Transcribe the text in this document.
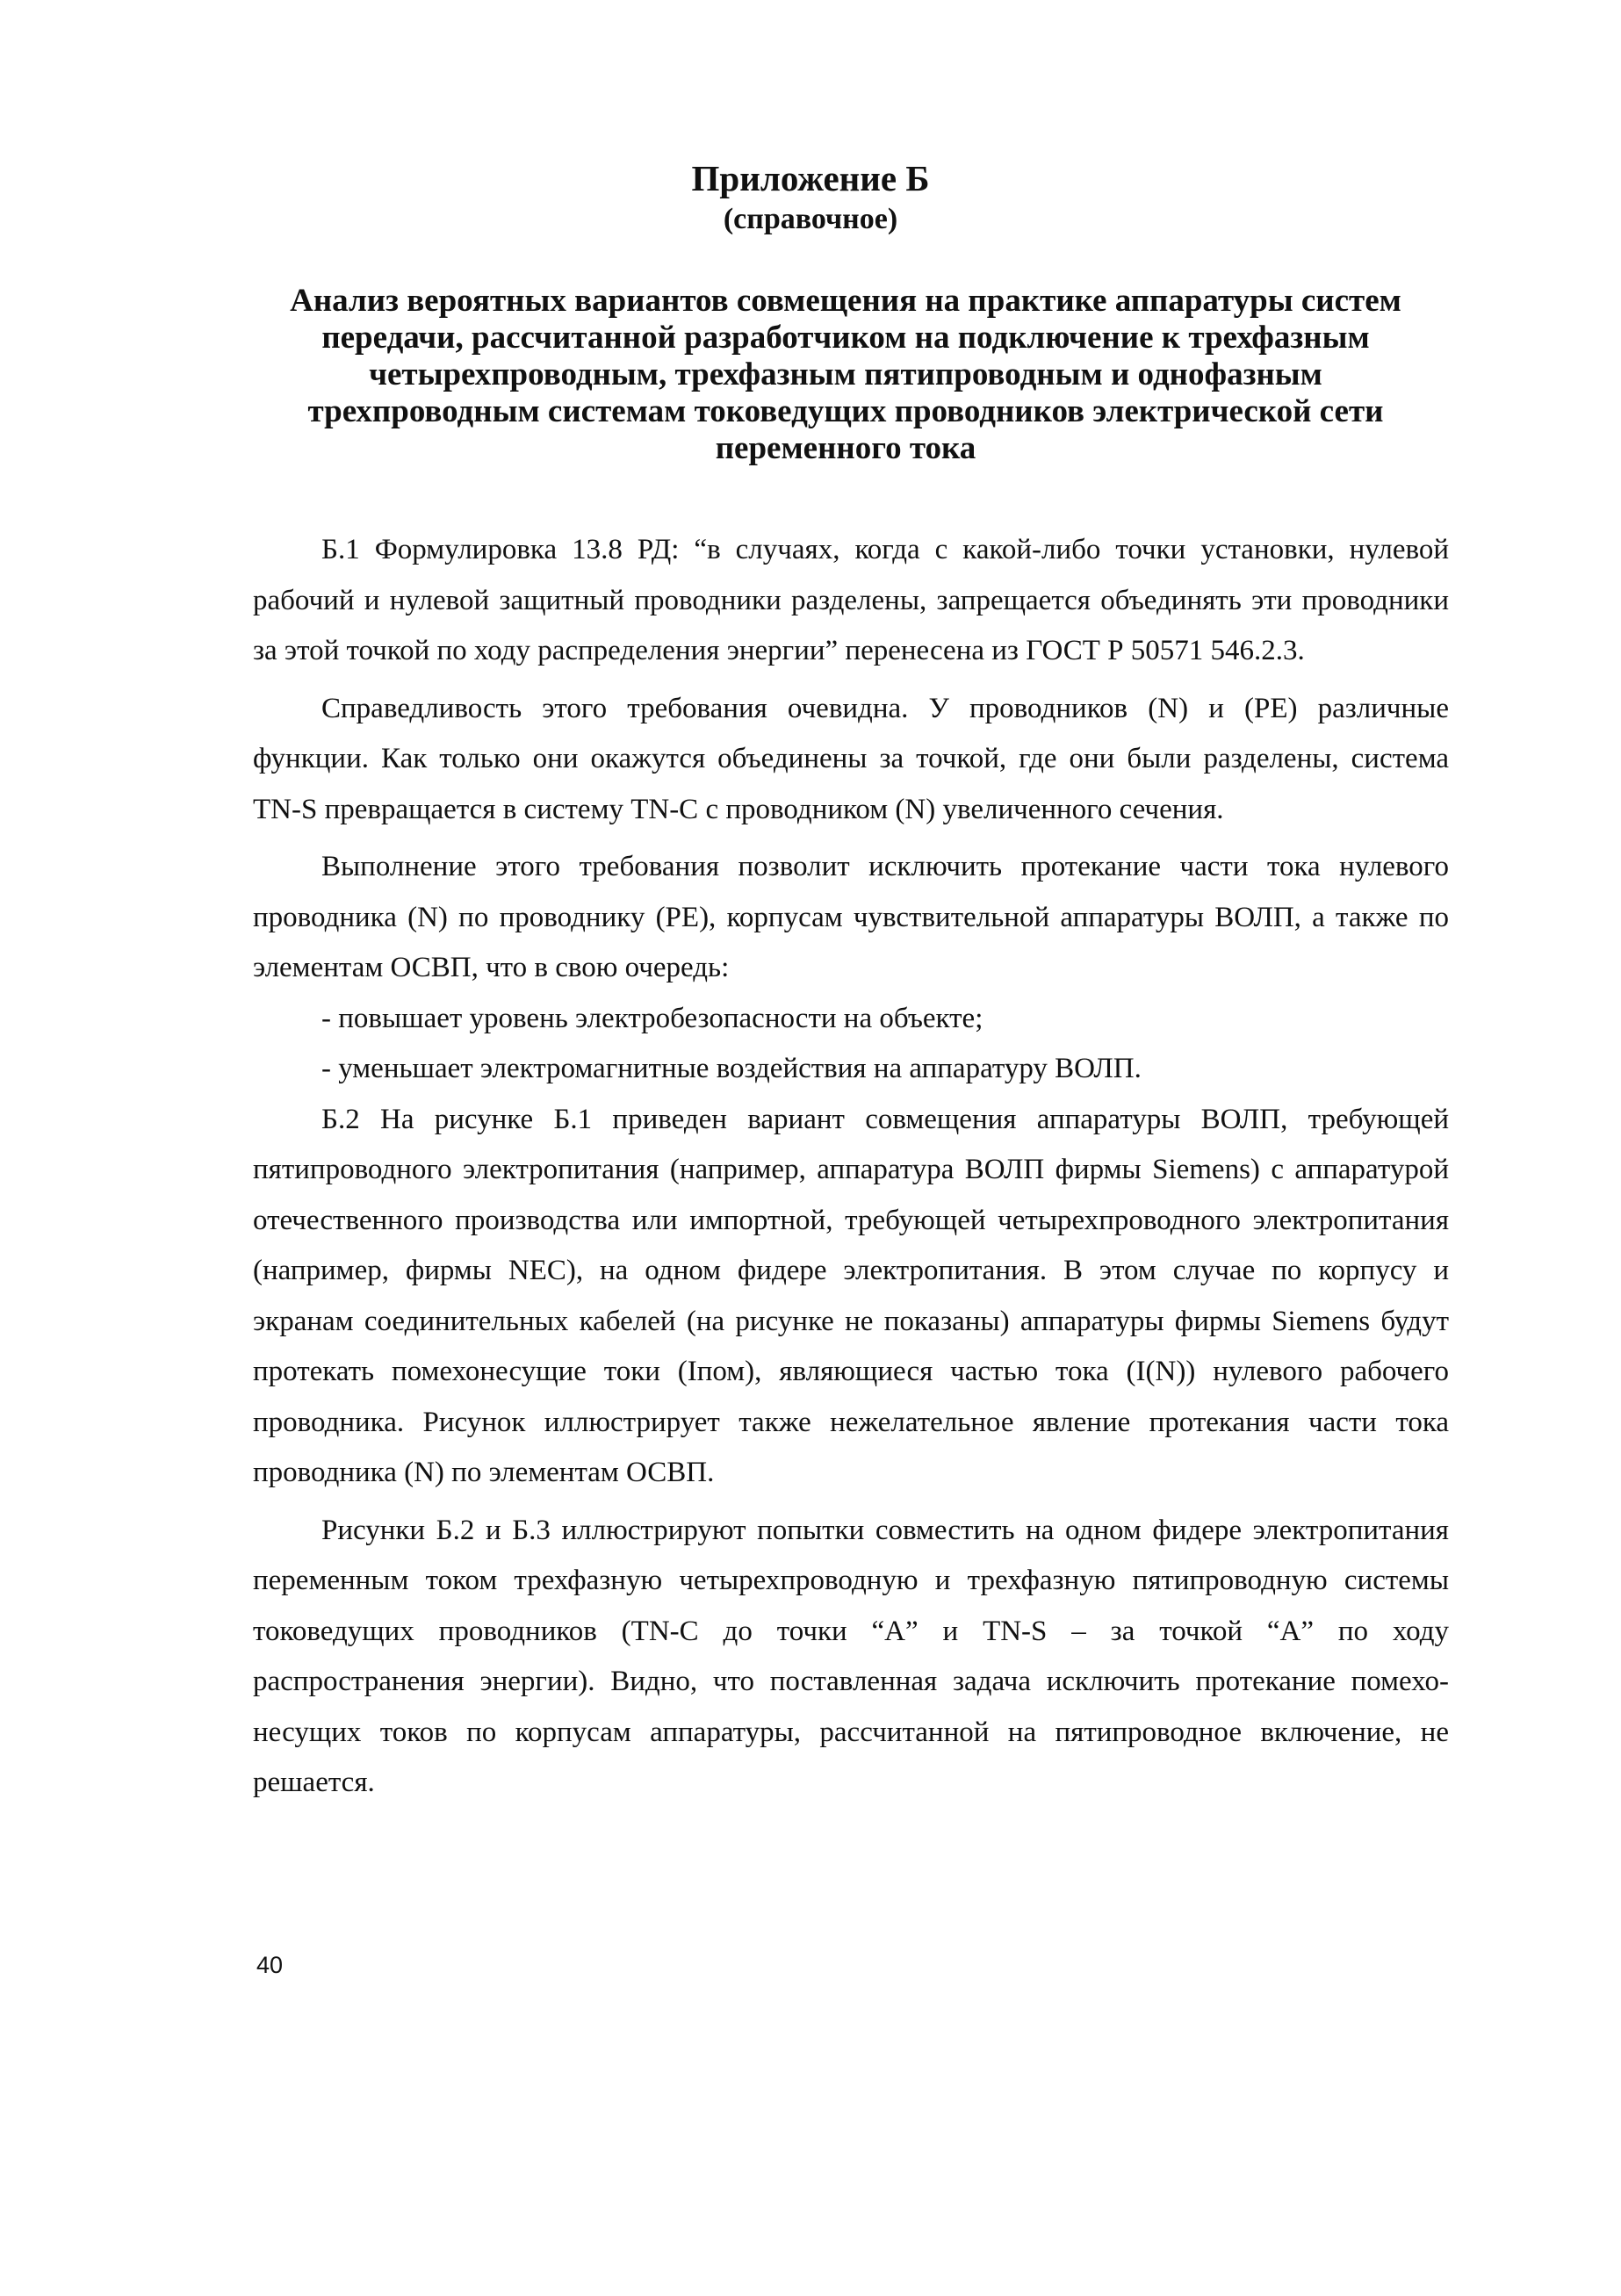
Приложение Б
(справочное)
Анализ вероятных вариантов совмещения на практике аппаратуры систем
передачи, рассчитанной разработчиком на подключение к трехфазным
четырехпроводным, трехфазным пятипроводным и однофазным
трехпроводным системам токоведущих проводников электрической сети
переменного тока
Б.1 Формулировка 13.8 РД: “в случаях, когда с какой-либо точки установки, нулевой
рабочий и нулевой защитный проводники разделены, запрещается объединять эти проводники
за этой точкой по ходу распределения энергии” перенесена из ГОСТ Р 50571 546.2.3.
Справедливость этого требования очевидна. У проводников (N) и (PE) различные
функции. Как только они окажутся объединены за точкой, где они были разделены, система
TN-S превращается в систему TN-C с проводником (N) увеличенного сечения.
Выполнение этого требования позволит исключить протекание части тока нулевого
проводника (N) по проводнику (PE), корпусам чувствительной аппаратуры ВОЛП, а также по
элементам ОСВП, что в свою очередь:
- повышает уровень электробезопасности на объекте;
- уменьшает электромагнитные воздействия на аппаратуру ВОЛП.
Б.2 На рисунке Б.1 приведен вариант совмещения аппаратуры ВОЛП, требующей
пятипроводного электропитания (например, аппаратура ВОЛП фирмы Siemens) с аппаратурой
отечественного производства или импортной, требующей четырехпроводного электропитания
(например, фирмы NEC), на одном фидере электропитания. В этом случае по корпусу и
экранам соединительных кабелей (на рисунке не показаны) аппаратуры фирмы Siemens будут
протекать помехонесущие токи (Iпом), являющиеся частью тока (I(N)) нулевого рабочего
проводника. Рисунок иллюстрирует также нежелательное явление протекания части тока
проводника (N) по элементам ОСВП.
Рисунки Б.2 и Б.3 иллюстрируют попытки совместить на одном фидере электропитания
переменным током трехфазную четырехпроводную и трехфазную пятипроводную системы
токоведущих проводников (TN-C до точки “A” и TN-S – за точкой “A” по ходу
распространения энергии). Видно, что поставленная задача исключить протекание помехо-
несущих токов по корпусам аппаратуры, рассчитанной на пятипроводное включение, не
решается.
40
